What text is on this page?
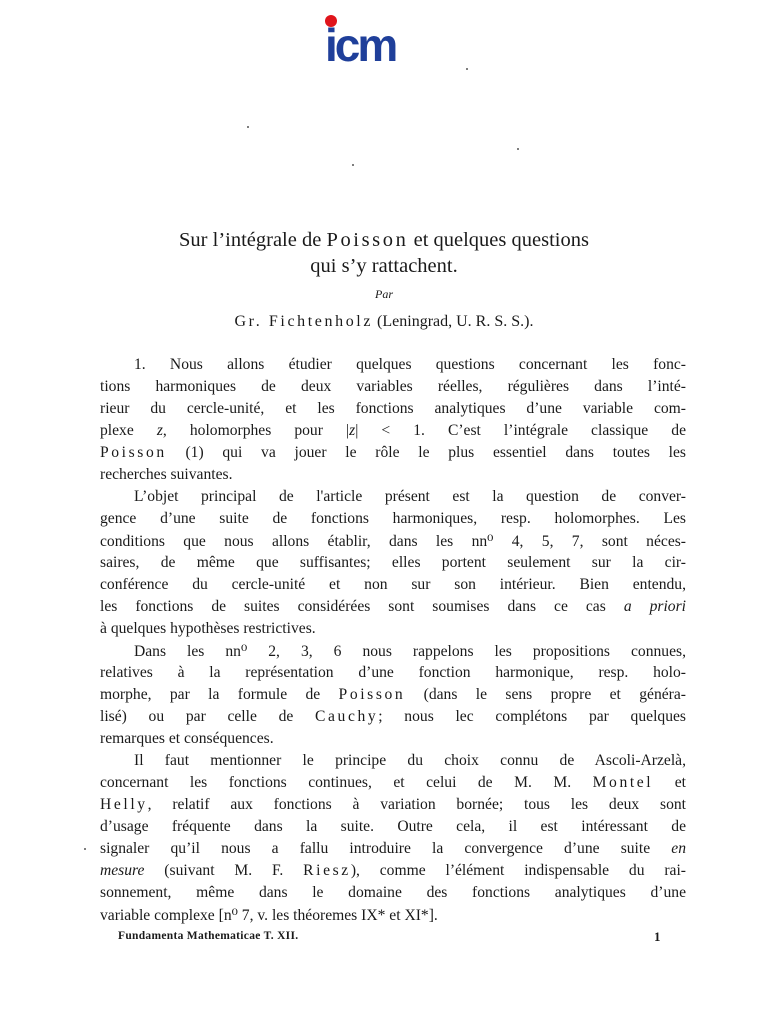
icm
Sur l’intégrale de Poisson et quelques questions
qui s’y rattachent.
Par
Gr. Fichtenholz (Leningrad, U. R. S. S.).
1. Nous allons étudier quelques questions concernant les fonc-
tions harmoniques de deux variables réelles, régulières dans l’inté-
rieur du cercle-unité, et les fonctions analytiques d’une variable com-
plexe z, holomorphes pour |z| < 1. C’est l’intégrale classique de
Poisson (1) qui va jouer le rôle le plus essentiel dans toutes les
recherches suivantes.
L’objet principal de l'article présent est la question de conver-
gence d’une suite de fonctions harmoniques, resp. holomorphes. Les
conditions que nous allons établir, dans les nn⁰ 4, 5, 7, sont néces-
saires, de même que suffisantes; elles portent seulement sur la cir-
conférence du cercle-unité et non sur son intérieur. Bien entendu,
les fonctions de suites considérées sont soumises dans ce cas a priori
à quelques hypothèses restrictives.
Dans les nn⁰ 2, 3, 6 nous rappelons les propositions connues,
relatives à la représentation d’une fonction harmonique, resp. holo-
morphe, par la formule de Poisson (dans le sens propre et généra-
lisé) ou par celle de Cauchy; nous lec complétons par quelques
remarques et conséquences.
Il faut mentionner le principe du choix connu de Ascoli-Arzelà,
concernant les fonctions continues, et celui de M. M. Montel et
Helly, relatif aux fonctions à variation bornée; tous les deux sont
d’usage fréquente dans la suite. Outre cela, il est intéressant de
signaler qu’il nous a fallu introduire la convergence d’une suite en
mesure (suivant M. F. Riesz), comme l’élément indispensable du rai-
sonnement, même dans le domaine des fonctions analytiques d’une
variable complexe [n⁰ 7, v. les théoremes IX* et XI*].
Fundamenta Mathematicae T. XII.	1
